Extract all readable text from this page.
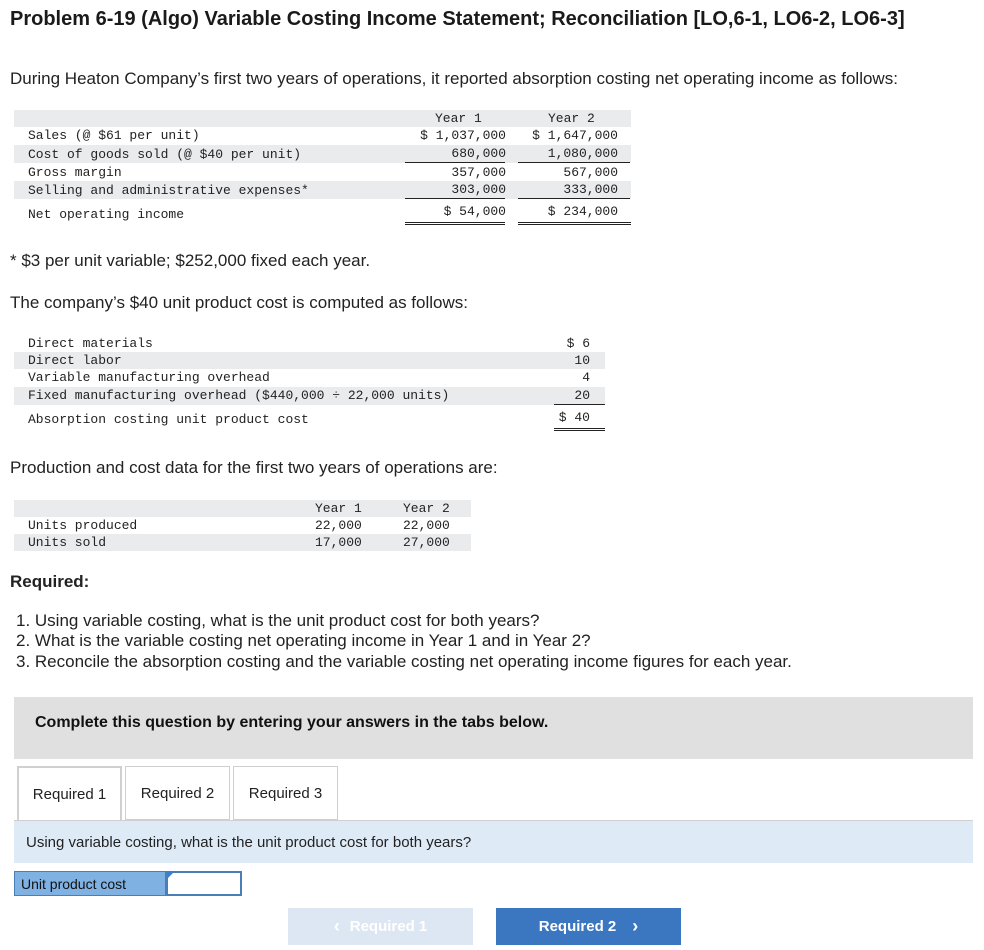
Problem 6-19 (Algo) Variable Costing Income Statement; Reconciliation [LO,6-1, LO6-2, LO6-3]
During Heaton Company’s first two years of operations, it reported absorption costing net operating income as follows:
Year 1	Year 2
Sales (@ $61 per unit)	$ 1,037,000	$ 1,647,000
Cost of goods sold (@ $40 per unit)	680,000	1,080,000
Gross margin	357,000	567,000
Selling and administrative expenses*	303,000	333,000
Net operating income	$ 54,000	$ 234,000
* $3 per unit variable; $252,000 fixed each year.
The company’s $40 unit product cost is computed as follows:
Direct materials	$ 6
Direct labor	10
Variable manufacturing overhead	4
Fixed manufacturing overhead ($440,000 ÷ 22,000 units)	20
Absorption costing unit product cost	$ 40
Production and cost data for the first two years of operations are:
Year 1	Year 2
Units produced	22,000	22,000
Units sold	17,000	27,000
Required:
1. Using variable costing, what is the unit product cost for both years?
2. What is the variable costing net operating income in Year 1 and in Year 2?
3. Reconcile the absorption costing and the variable costing net operating income figures for each year.
Complete this question by entering your answers in the tabs below.
Required 1	Required 2	Required 3
Using variable costing, what is the unit product cost for both years?
Unit product cost
‹ Required 1	Required 2 ›
